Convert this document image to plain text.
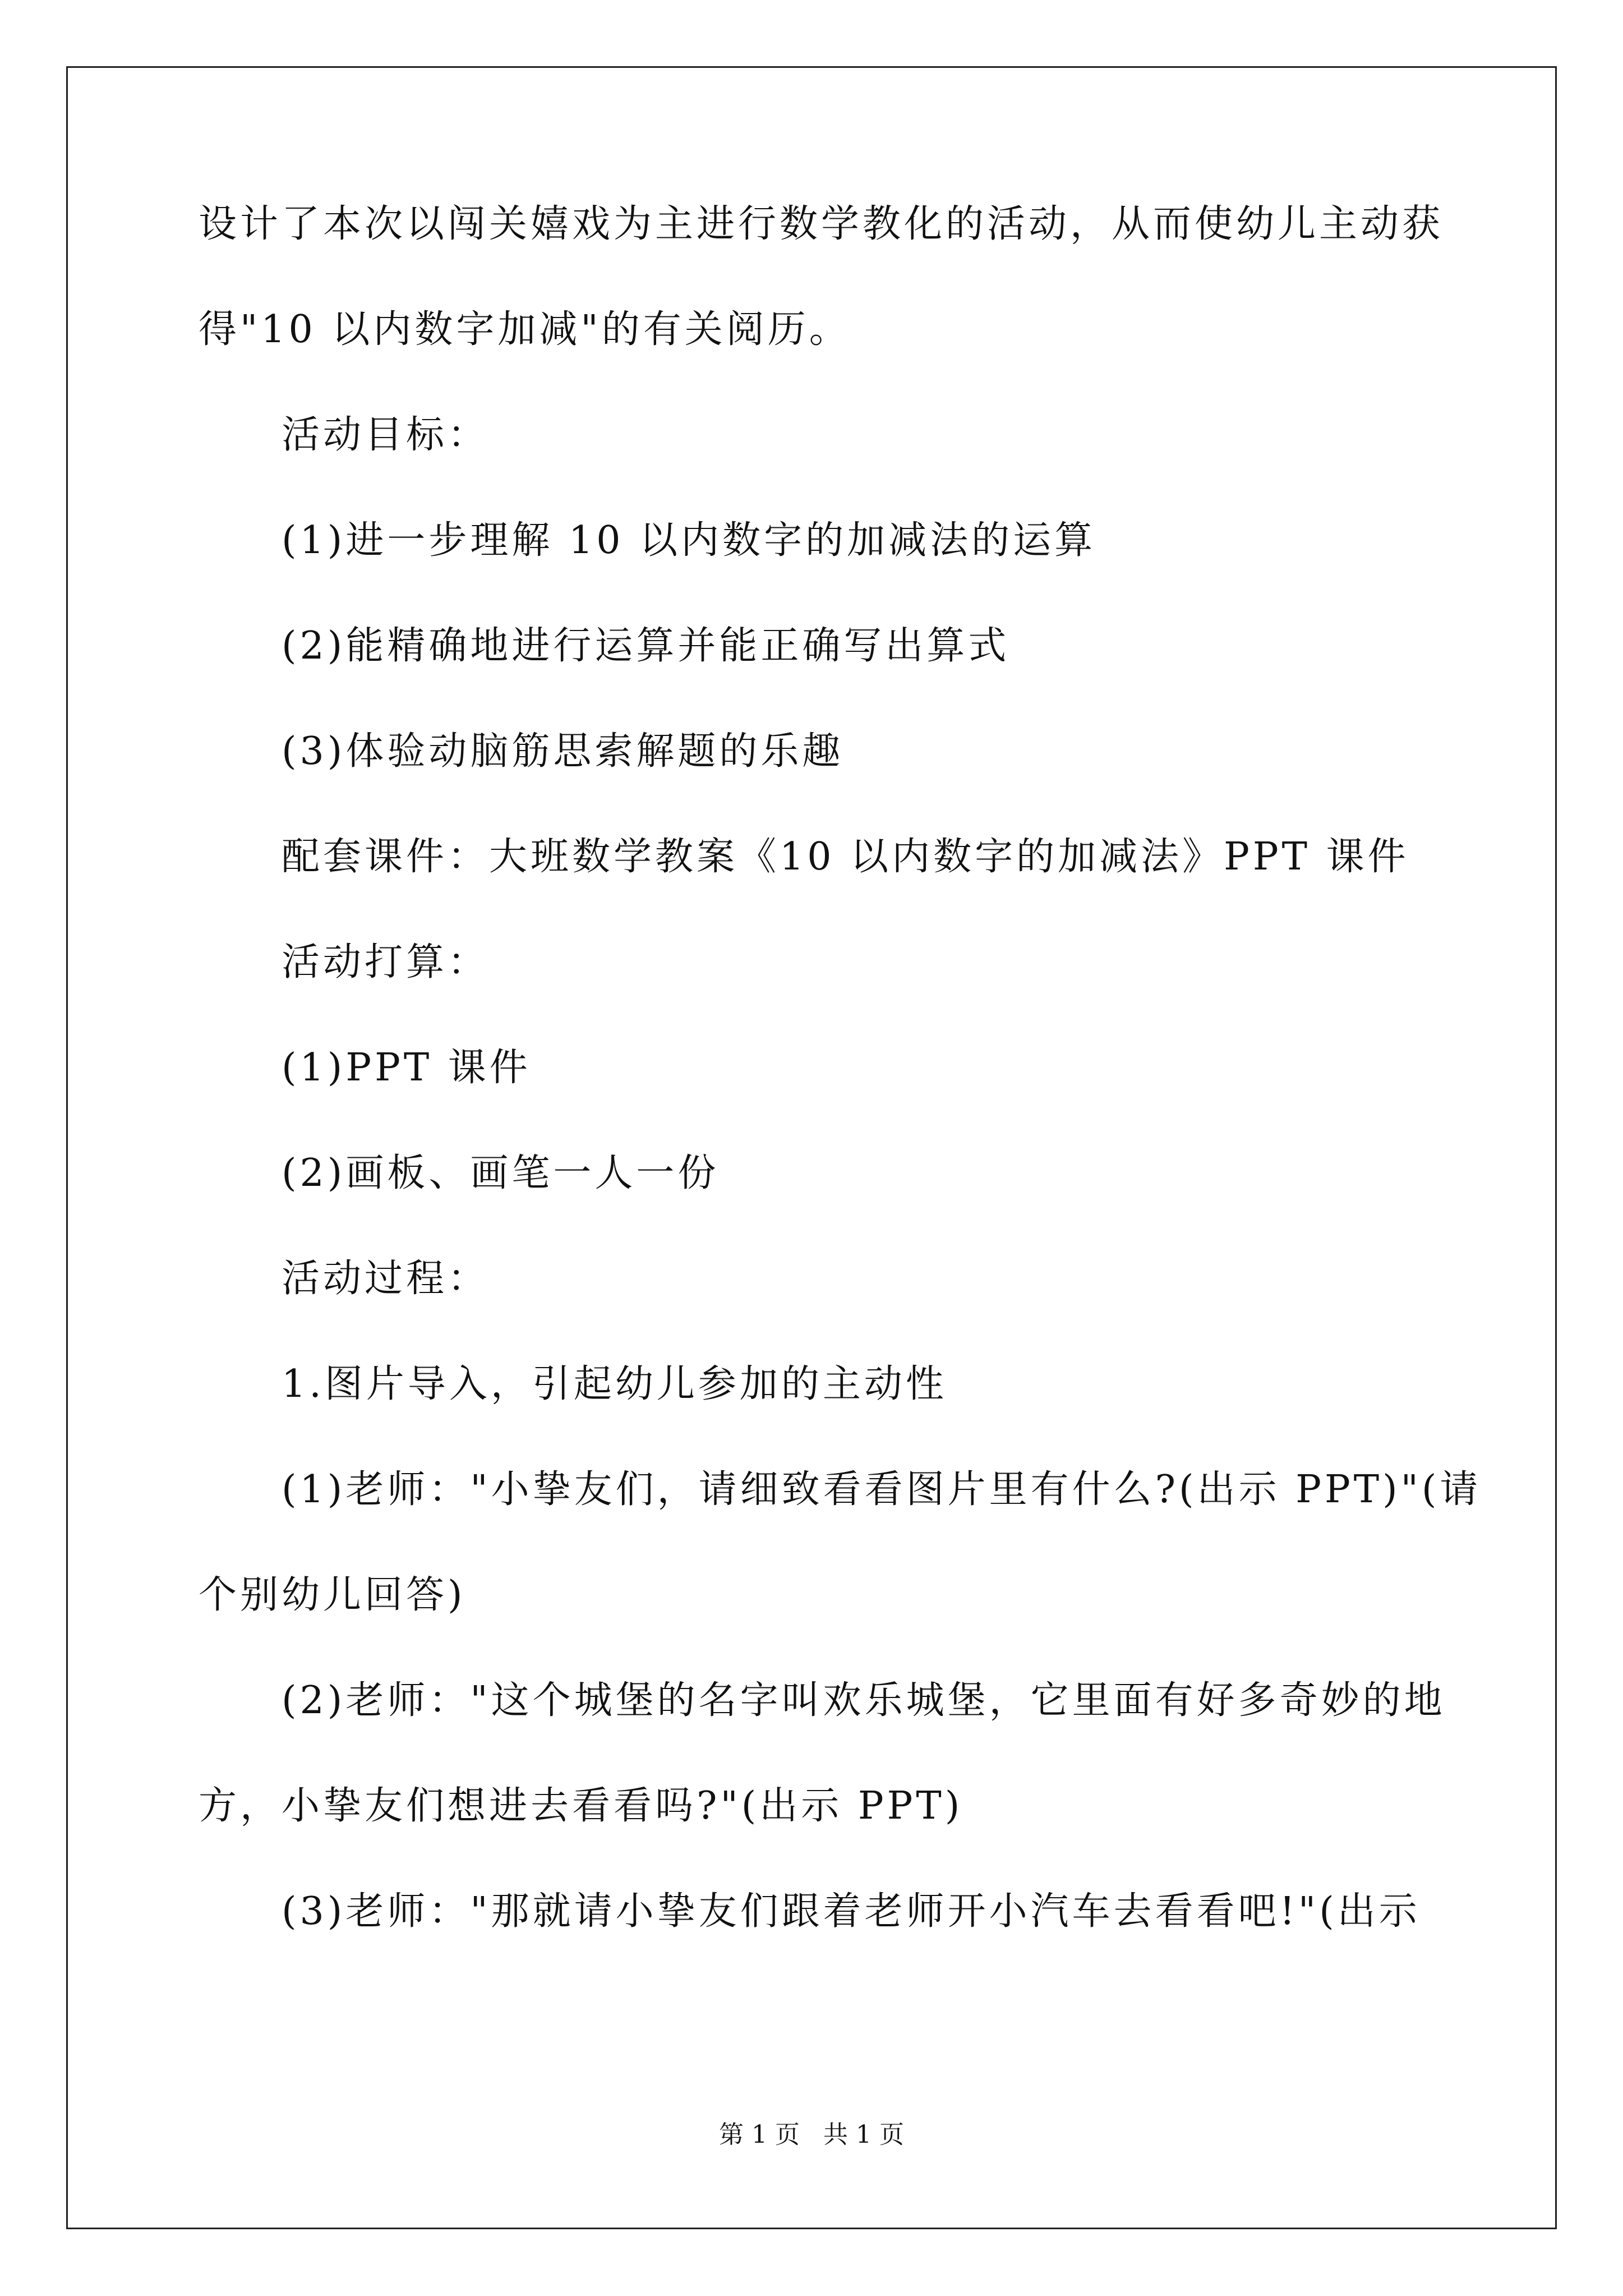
设计了本次以闯关嬉戏为主进行数学教化的活动，从而使幼儿主动获
得"10 以内数字加减"的有关阅历。
活动目标：
(1)进一步理解 10 以内数字的加减法的运算
(2)能精确地进行运算并能正确写出算式
(3)体验动脑筋思索解题的乐趣
配套课件：大班数学教案《10 以内数字的加减法》PPT 课件
活动打算：
(1)PPT 课件
(2)画板、画笔一人一份
活动过程：
1.图片导入，引起幼儿参加的主动性
(1)老师："小挚友们，请细致看看图片里有什么?(出示 PPT)"(请
个别幼儿回答)
(2)老师："这个城堡的名字叫欢乐城堡，它里面有好多奇妙的地
方，小挚友们想进去看看吗?"(出示 PPT)
(3)老师："那就请小挚友们跟着老师开小汽车去看看吧!"(出示
第 1 页 共 1 页
